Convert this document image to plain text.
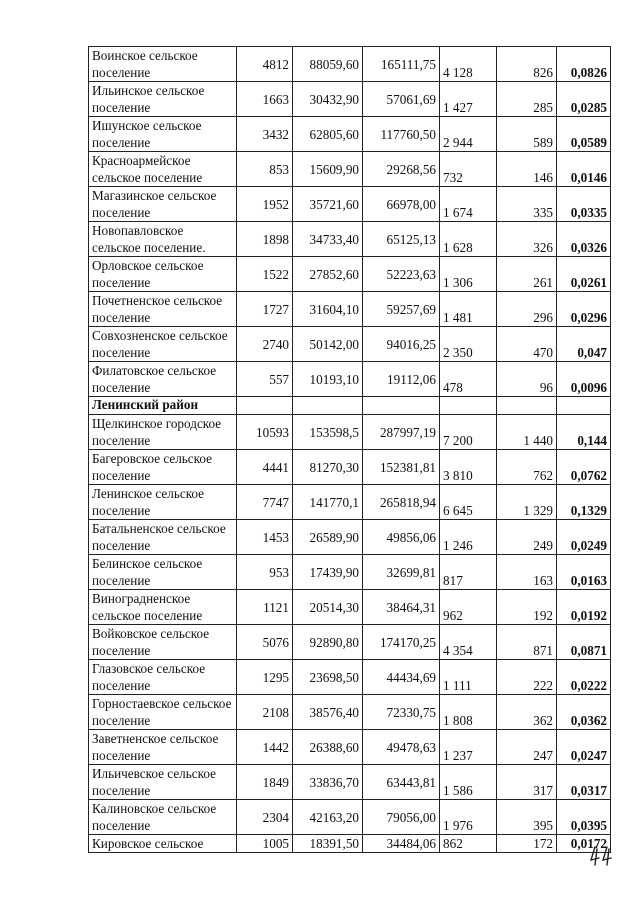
Воинское сельское поселение	4812	88059,60	165111,75	4 128	826	0,0826
Ильинское сельское поселение	1663	30432,90	57061,69	1 427	285	0,0285
Ишунское сельское поселение	3432	62805,60	117760,50	2 944	589	0,0589
Красноармейское сельское поселение	853	15609,90	29268,56	732	146	0,0146
Магазинское сельское поселение	1952	35721,60	66978,00	1 674	335	0,0335
Новопавловское сельское поселение.	1898	34733,40	65125,13	1 628	326	0,0326
Орловское сельское поселение	1522	27852,60	52223,63	1 306	261	0,0261
Почетненское сельское поселение	1727	31604,10	59257,69	1 481	296	0,0296
Совхозненское сельское поселение	2740	50142,00	94016,25	2 350	470	0,047
Филатовское сельское поселение	557	10193,10	19112,06	478	96	0,0096
Ленинский район						
Щелкинское городское поселение	10593	153598,5	287997,19	7 200	1 440	0,144
Багеровское сельское поселение	4441	81270,30	152381,81	3 810	762	0,0762
Ленинское сельское поселение	7747	141770,1	265818,94	6 645	1 329	0,1329
Батальненское сельское поселение	1453	26589,90	49856,06	1 246	249	0,0249
Белинское сельское поселение	953	17439,90	32699,81	817	163	0,0163
Виноградненское сельское поселение	1121	20514,30	38464,31	962	192	0,0192
Войковское сельское поселение	5076	92890,80	174170,25	4 354	871	0,0871
Глазовское сельское поселение	1295	23698,50	44434,69	1 111	222	0,0222
Горностаевское сельское поселение	2108	38576,40	72330,75	1 808	362	0,0362
Заветненское сельское поселение	1442	26388,60	49478,63	1 237	247	0,0247
Ильичевское сельское поселение	1849	33836,70	63443,81	1 586	317	0,0317
Калиновское сельское поселение	2304	42163,20	79056,00	1 976	395	0,0395
Кировское сельское	1005	18391,50	34484,06	862	172	0,0172
